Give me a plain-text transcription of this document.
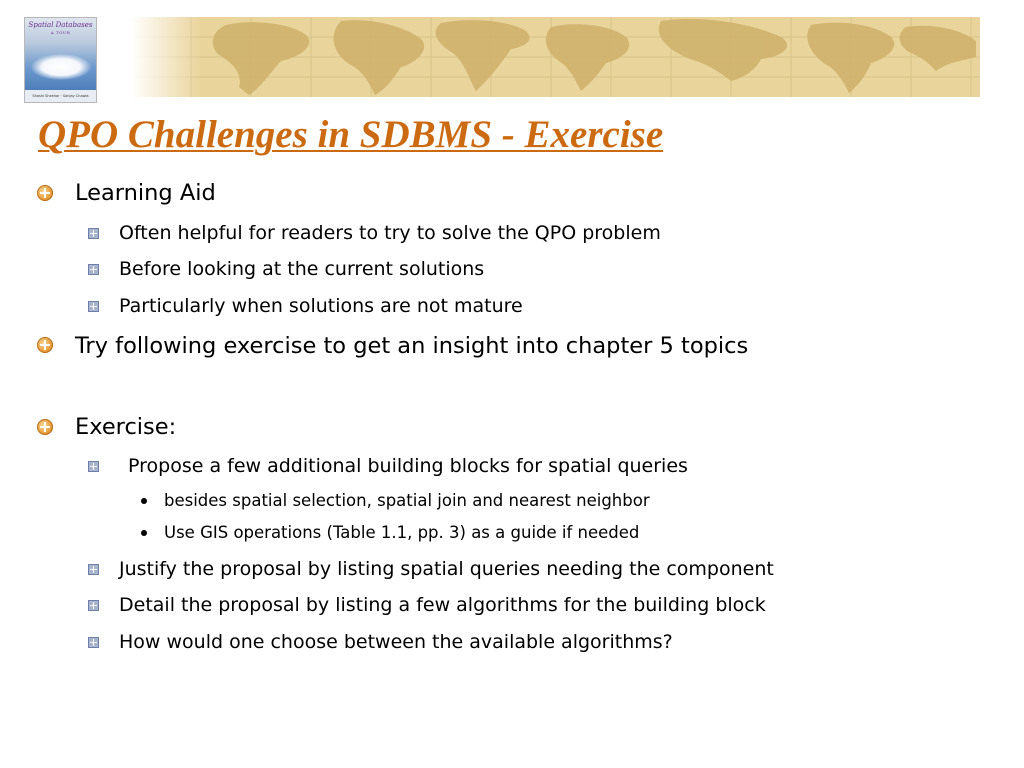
Spatial Databases
A TOUR
Shashi Shekhar · Sanjay Chawla
QPO Challenges in SDBMS - Exercise
Learning Aid
Often helpful for readers to try to solve the QPO problem
Before looking at the current solutions
Particularly when solutions are not mature
Try following exercise to get an insight into chapter 5 topics
Exercise:
Propose a few additional building blocks for spatial queries
besides spatial selection, spatial join and nearest neighbor
Use GIS operations (Table 1.1, pp. 3) as a guide if needed
Justify the proposal by listing spatial queries needing the component
Detail the proposal by listing a few algorithms for the building block
How would one choose between the available algorithms?
